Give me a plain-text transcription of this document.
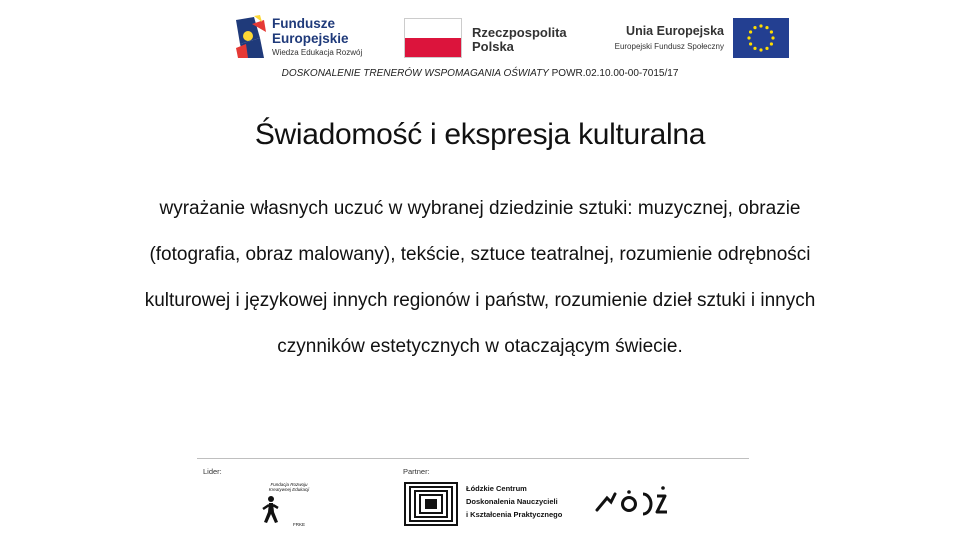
Fundusze
Europejskie
Wiedza Edukacja Rozwój
Rzeczpospolita
Polska
Unia Europejska
Europejski Fundusz Społeczny
DOSKONALENIE TRENERÓW WSPOMAGANIA OŚWIATY POWR.02.10.00-00-7015/17
Świadomość i ekspresja kulturalna
wyrażanie własnych uczuć w wybranej dziedzinie sztuki: muzycznej, obrazie
(fotografia, obraz malowany), tekście, sztuce teatralnej, rozumienie odrębności
kulturowej i językowej innych regionów i państw, rozumienie dzieł sztuki i innych
czynników estetycznych w otaczającym świecie.
Lider:	Partner:
Fundacja Rozwoju Kreatywnej Edukacji
FRKE
Łódzkie Centrum
Doskonalenia Nauczycieli
i Kształcenia Praktycznego
